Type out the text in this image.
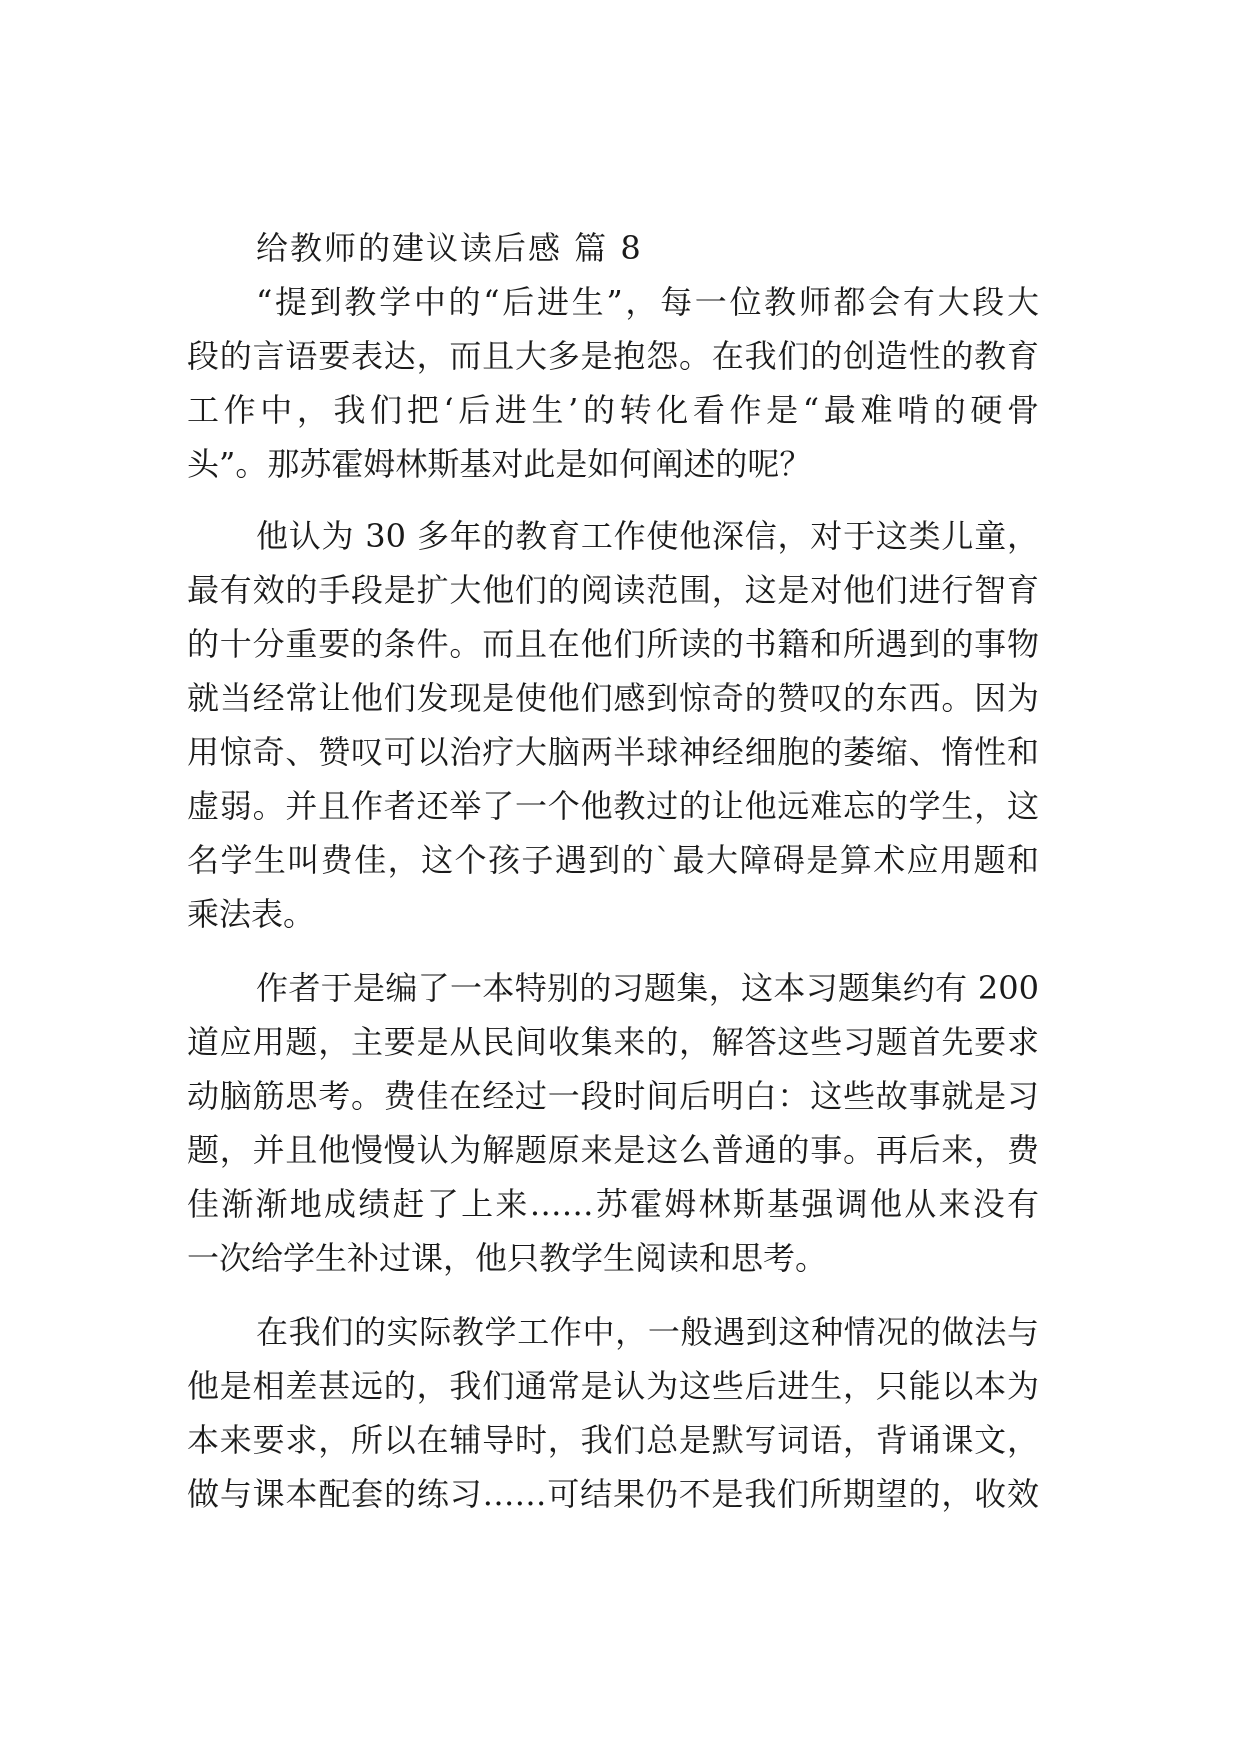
给教师的建议读后感 篇 8

“提到教学中的“后进生”，每一位教师都会有大段大

段的言语要表达，而且大多是抱怨。在我们的创造性的教育

工作中，我们把‘后进生’的转化看作是“最难啃的硬骨

头”。那苏霍姆林斯基对此是如何阐述的呢？

他认为 30 多年的教育工作使他深信，对于这类儿童，

最有效的手段是扩大他们的阅读范围，这是对他们进行智育

的十分重要的条件。而且在他们所读的书籍和所遇到的事物

就当经常让他们发现是使他们感到惊奇的赞叹的东西。因为

用惊奇、赞叹可以治疗大脑两半球神经细胞的萎缩、惰性和

虚弱。并且作者还举了一个他教过的让他远难忘的学生，这

名学生叫费佳，这个孩子遇到的`最大障碍是算术应用题和

乘法表。

作者于是编了一本特别的习题集，这本习题集约有 200

道应用题，主要是从民间收集来的，解答这些习题首先要求

动脑筋思考。费佳在经过一段时间后明白：这些故事就是习

题，并且他慢慢认为解题原来是这么普通的事。再后来，费

佳渐渐地成绩赶了上来……苏霍姆林斯基强调他从来没有

一次给学生补过课，他只教学生阅读和思考。

在我们的实际教学工作中，一般遇到这种情况的做法与

他是相差甚远的，我们通常是认为这些后进生，只能以本为

本来要求，所以在辅导时，我们总是默写词语，背诵课文，

做与课本配套的练习……可结果仍不是我们所期望的，收效
